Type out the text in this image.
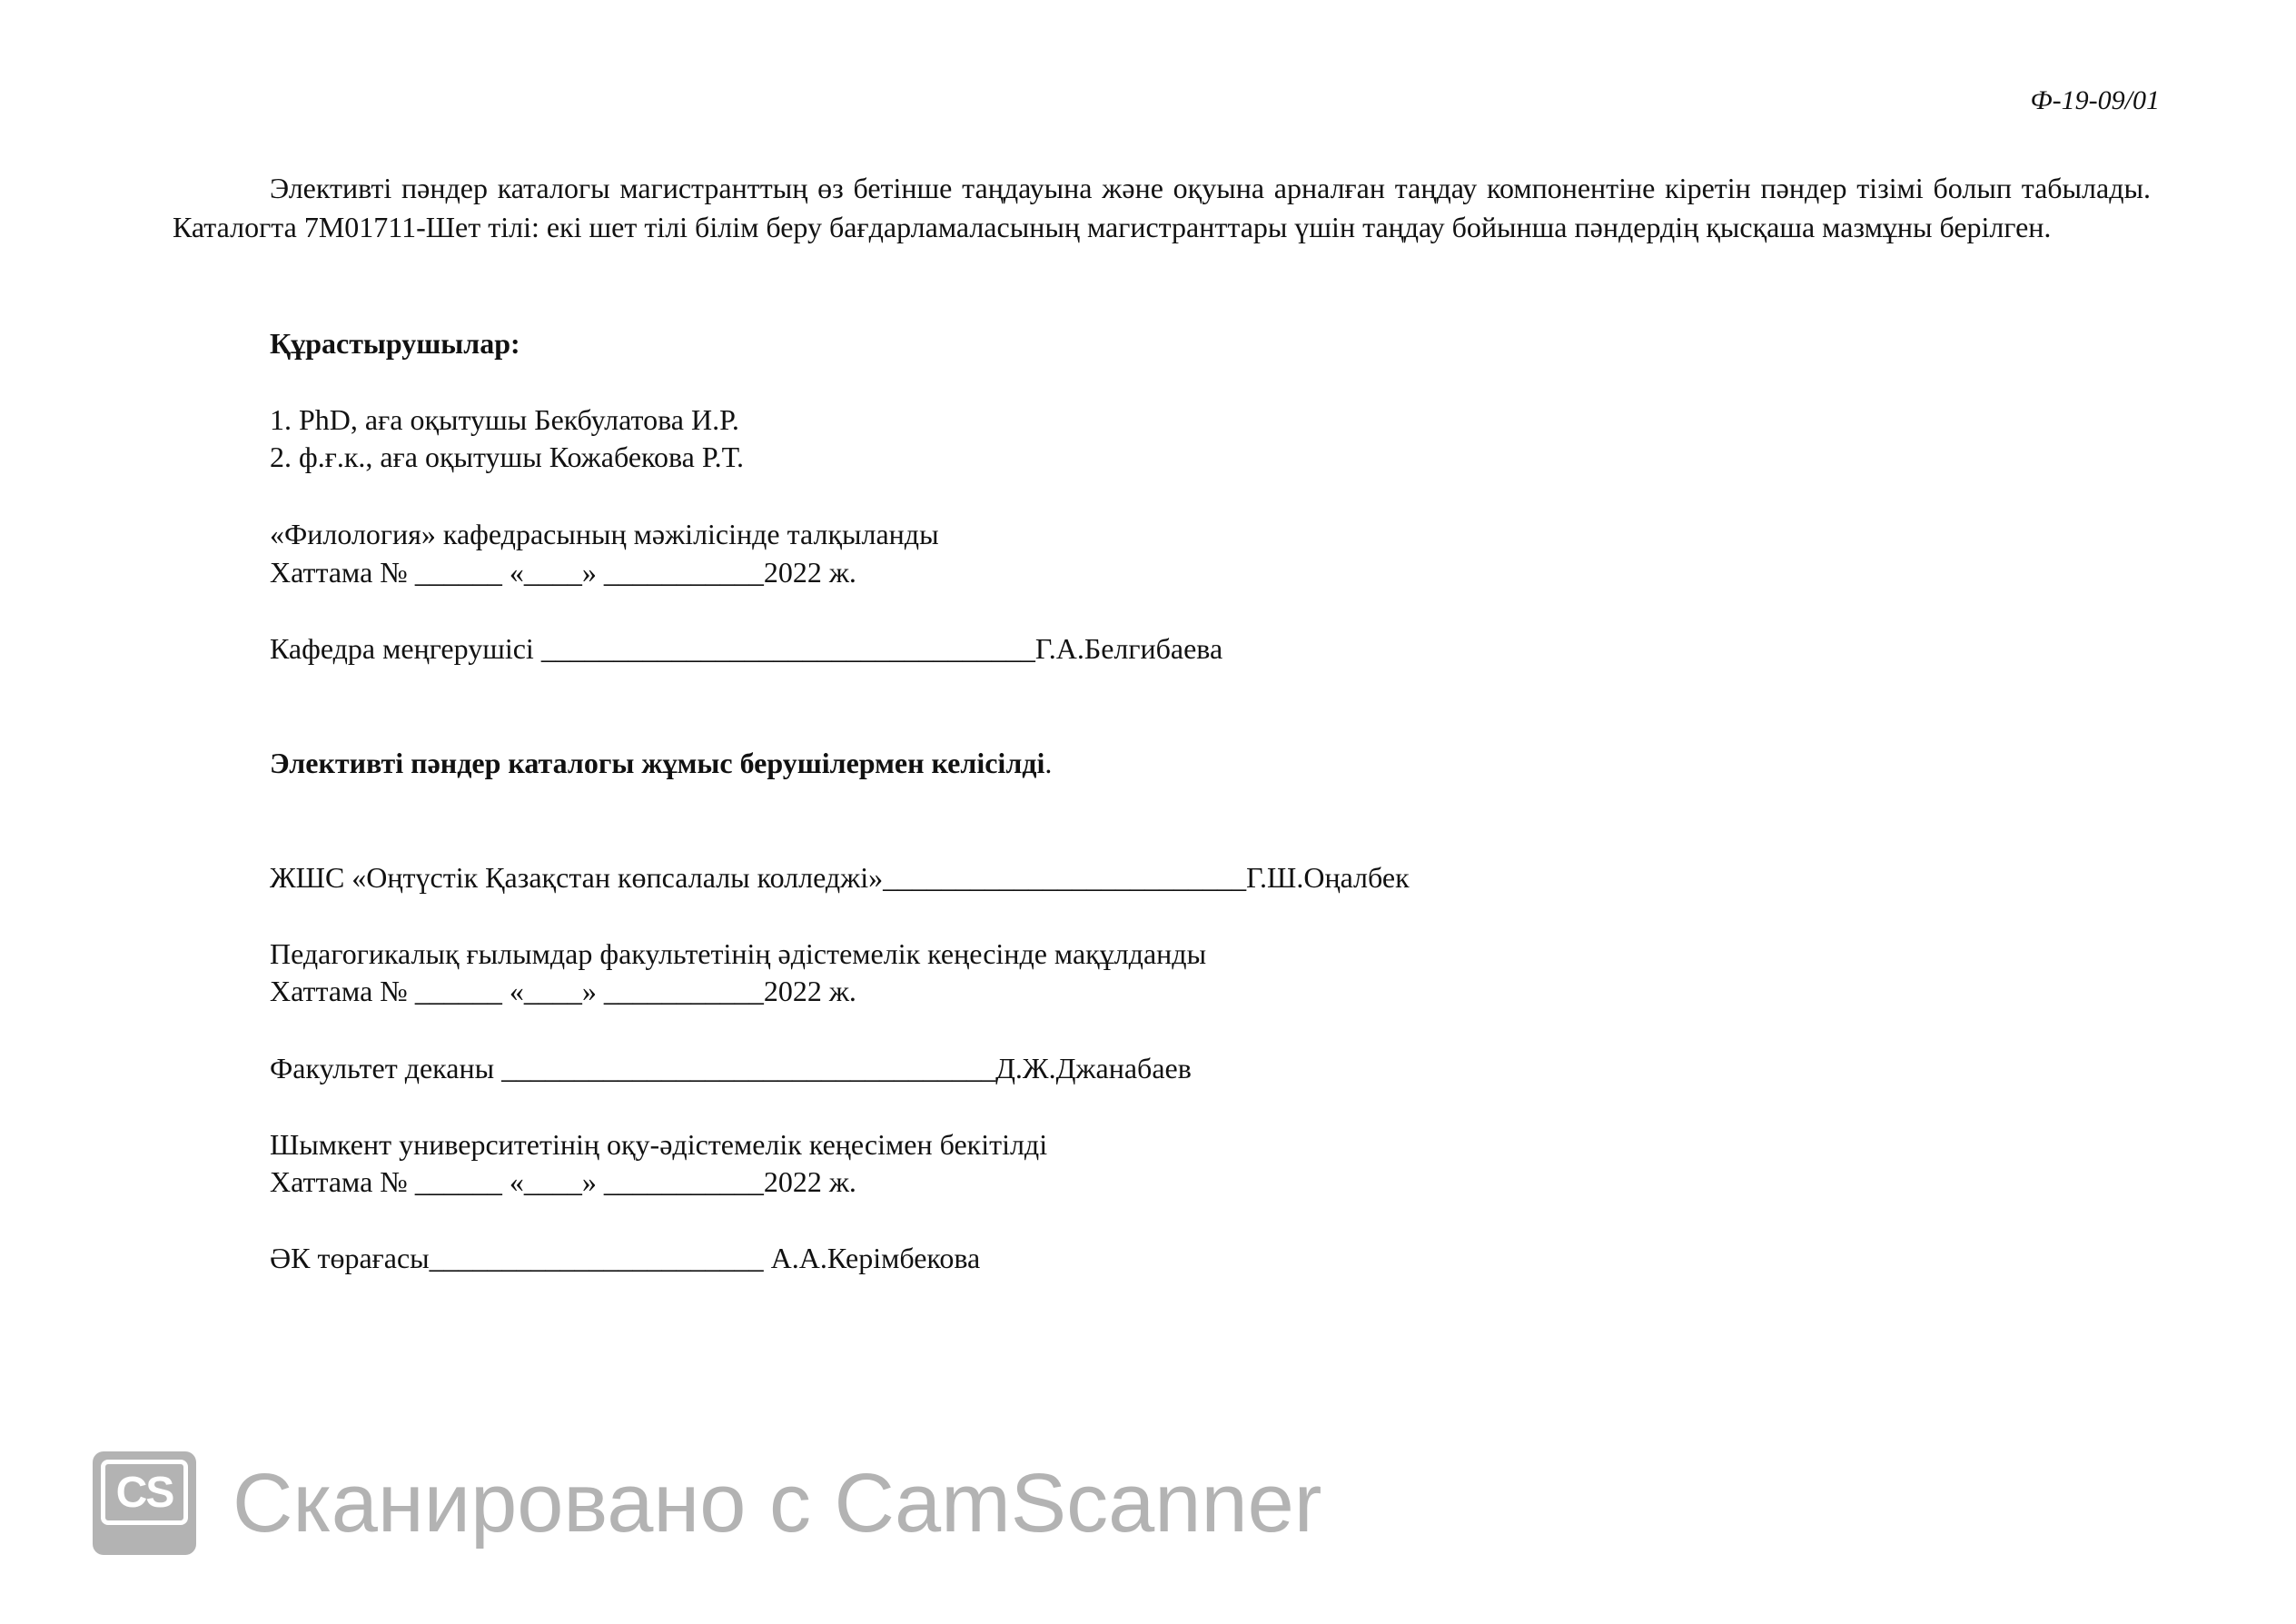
Ф-19-09/01
Элективті пәндер каталогы магистранттың өз бетінше таңдауына және оқуына арналған таңдау компонентіне кіретін пәндер тізімі болып табылады. Каталогта 7M01711-Шет тілі: екі шет тілі білім беру бағдарламаласының магистранттары үшін таңдау бойынша пәндердің қысқаша мазмұны берілген.
Құрастырушылар:
1. PhD, аға оқытушы Бекбулатова И.Р.
2. ф.ғ.к., аға оқытушы Кожабекова Р.Т.
«Филология» кафедрасының мәжілісінде талқыланды
Хаттама № ______ «____» ___________2022 ж.
Кафедра меңгерушісі __________________________________Г.А.Белгибаева
Элективті пәндер каталогы жұмыс берушілермен келісілді.
ЖШС «Оңтүстік Қазақстан көпсалалы колледжі»_________________________Г.Ш.Оңалбек
Педагогикалық ғылымдар факультетінің әдістемелік кеңесінде мақұлданды
Хаттама № ______ «____» ___________2022 ж.
Факультет деканы __________________________________Д.Ж.Джанабаев
Шымкент университетінің оқу-әдістемелік кеңесімен бекітілді
Хаттама № ______ «____» ___________2022 ж.
ӘК төрағасы_______________________ А.А.Керімбекова
CS Сканировано с CamScanner
